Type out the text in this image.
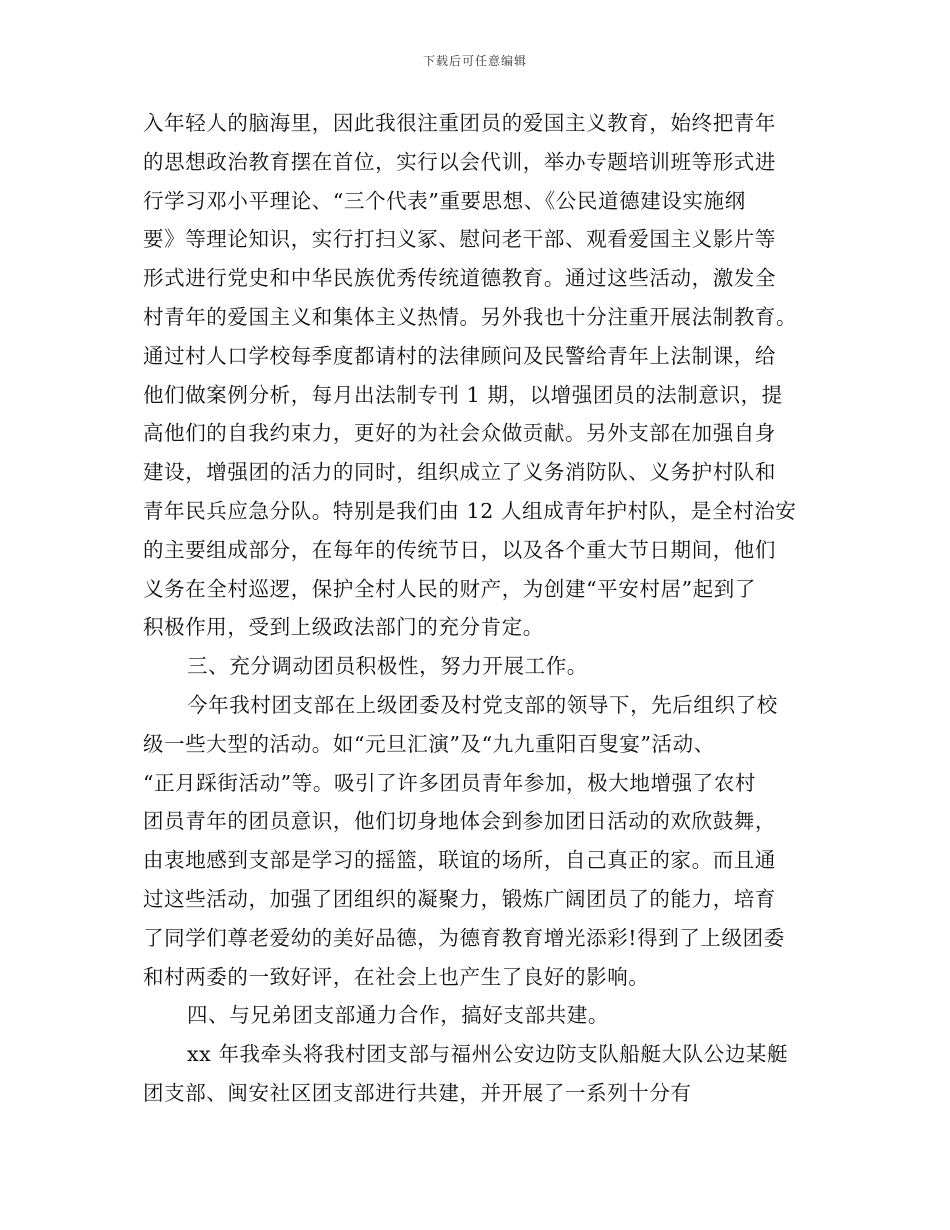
下载后可任意编辑
入年轻人的脑海里，因此我很注重团员的爱国主义教育，始终把青年
的思想政治教育摆在首位，实行以会代训，举办专题培训班等形式进
行学习邓小平理论、“三个代表”重要思想、《公民道德建设实施纲
要》等理论知识，实行打扫义冢、慰问老干部、观看爱国主义影片等
形式进行党史和中华民族优秀传统道德教育。通过这些活动，激发全
村青年的爱国主义和集体主义热情。另外我也十分注重开展法制教育。
通过村人口学校每季度都请村的法律顾问及民警给青年上法制课，给
他们做案例分析，每月出法制专刊 1 期，以增强团员的法制意识，提
高他们的自我约束力，更好的为社会众做贡献。另外支部在加强自身
建设，增强团的活力的同时，组织成立了义务消防队、义务护村队和
青年民兵应急分队。特别是我们由 12 人组成青年护村队，是全村治安
的主要组成部分，在每年的传统节日，以及各个重大节日期间，他们
义务在全村巡逻，保护全村人民的财产，为创建“平安村居”起到了
积极作用，受到上级政法部门的充分肯定。
三、充分调动团员积极性，努力开展工作。
今年我村团支部在上级团委及村党支部的领导下，先后组织了校
级一些大型的活动。如“元旦汇演”及“九九重阳百叟宴”活动、
“正月踩街活动”等。吸引了许多团员青年参加，极大地增强了农村
团员青年的团员意识，他们切身地体会到参加团日活动的欢欣鼓舞，
由衷地感到支部是学习的摇篮，联谊的场所，自己真正的家。而且通
过这些活动，加强了团组织的凝聚力，锻炼广阔团员了的能力，培育
了同学们尊老爱幼的美好品德，为德育教育增光添彩!得到了上级团委
和村两委的一致好评，在社会上也产生了良好的影响。
四、与兄弟团支部通力合作，搞好支部共建。
xx 年我牵头将我村团支部与福州公安边防支队船艇大队公边某艇
团支部、闽安社区团支部进行共建，并开展了一系列十分有
